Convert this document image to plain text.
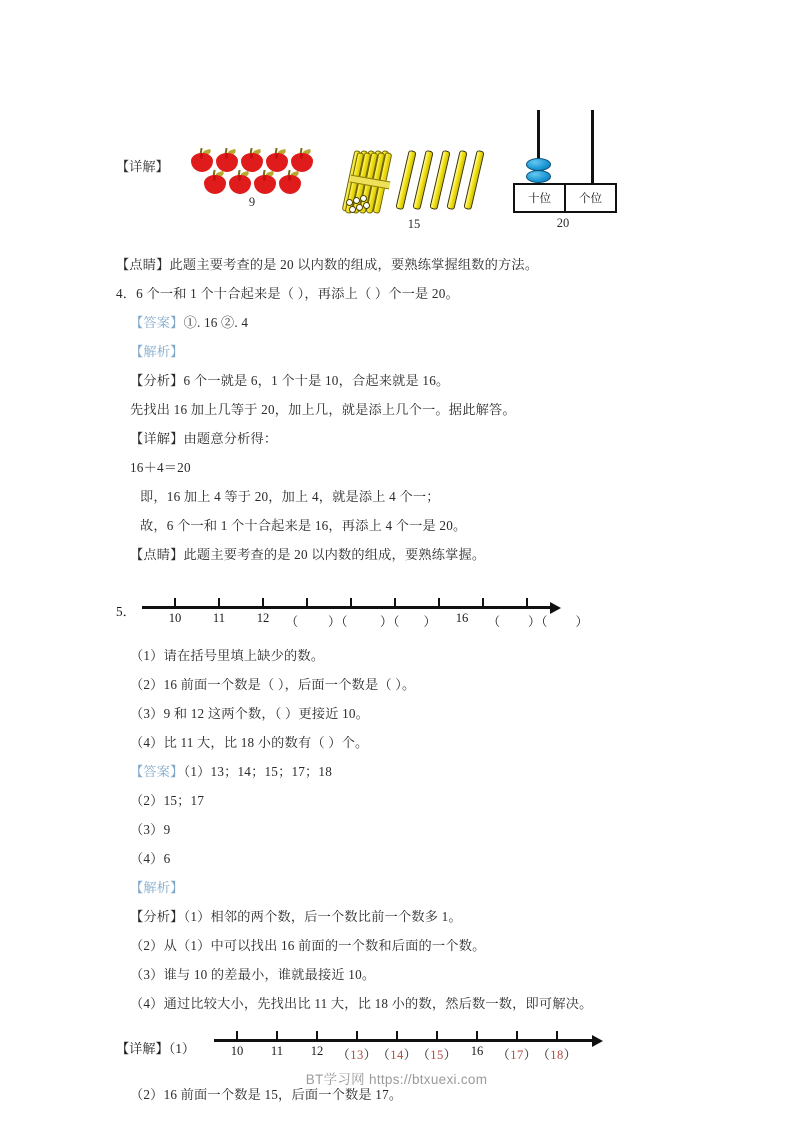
【详解】
9
15
十位	个位
20
【点睛】此题主要考查的是 20 以内数的组成，要熟练掌握组数的方法。
4．6 个一和 1 个十合起来是（ ），再添上（ ）个一是 20。
【答案】①. 16 ②. 4
【解析】
【分析】6 个一就是 6，1 个十是 10，合起来就是 16。
先找出 16 加上几等于 20，加上几，就是添上几个一。据此解答。
【详解】由题意分析得：
16＋4＝20
即，16 加上 4 等于 20，加上 4，就是添上 4 个一；
故，6 个一和 1 个十合起来是 16，再添上 4 个一是 20。
【点睛】此题主要考查的是 20 以内数的组成，要熟练掌握。
5．	10	11	12 （ ）（	）（ ） 16 （ ）（ ）
（1）请在括号里填上缺少的数。
（2）16 前面一个数是（ ），后面一个数是（ ）。
（3）9 和 12 这两个数，（ ）更接近 10。
（4）比 11 大，比 18 小的数有（ ）个。
【答案】（1）13；14；15；17；18
（2）15；17
（3）9
（4）6
【解析】
【分析】（1）相邻的两个数，后一个数比前一个数多 1。
（2）从（1）中可以找出 16 前面的一个数和后面的一个数。
（3）谁与 10 的差最小，谁就最接近 10。
（4）通过比较大小，先找出比 11 大，比 18 小的数，然后数一数，即可解决。
【详解】（1）	10 11 12 （13） （14） （15） 16 （17） （18）
（2）16 前面一个数是 15，后面一个数是 17。
BT学习网 https://btxuexi.com
